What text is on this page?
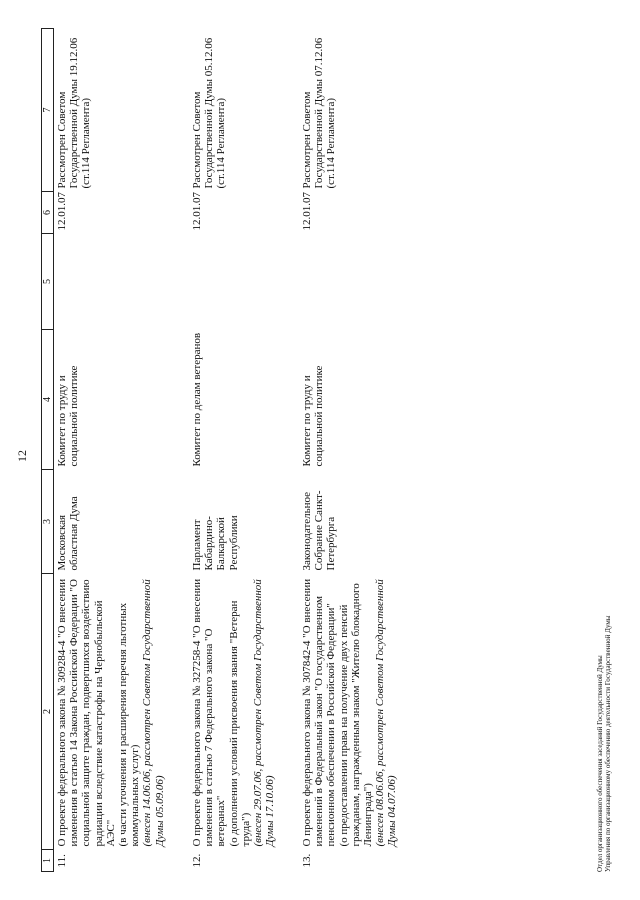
12
1	2	3	4	5	6	7
11.	О проекте федерального закона № 309284-4 "О внесении изменения в статью 14 Закона Российской Федерации "О социальной защите граждан, подвергшихся воздействию радиации вследствие катастрофы на Чернобыльской АЭС"
(в части уточнения и расширения перечня льготных коммунальных услуг)
(внесен 14.06.06, рассмотрен Советом Государственной Думы 05.09.06)	Московская областная Дума	Комитет по труду и социальной политике		12.01.07	Рассмотрен Советом Государственной Думы 19.12.06 (ст.114 Регламента)
12.	О проекте федерального закона № 327258-4 "О внесении изменения в статью 7 Федерального закона "О ветеранах"
(о дополнении условий присвоения звания "Ветеран труда")
(внесен 29.07.06, рассмотрен Советом Государственной Думы 17.10.06)	Парламент Кабардино-Балкарской Республики	Комитет по делам ветеранов		12.01.07	Рассмотрен Советом Государственной Думы 05.12.06 (ст.114 Регламента)
13.	О проекте федерального закона № 307842-4 "О внесении изменений в Федеральный закон "О государственном пенсионном обеспечении в Российской Федерации"
(о предоставлении права на получение двух пенсий гражданам, награжденным знаком "Жителю блокадного Ленинграда")
(внесен 08.06.06, рассмотрен Советом Государственной Думы 04.07.06)	Законодательное Собрание Санкт-Петербурга	Комитет по труду и социальной политике		12.01.07	Рассмотрен Советом Государственной Думы 07.12.06 (ст.114 Регламента)
Отдел организационного обеспечения заседаний Государственной Думы Управления по организационному обеспечению деятельности Государственной Думы
